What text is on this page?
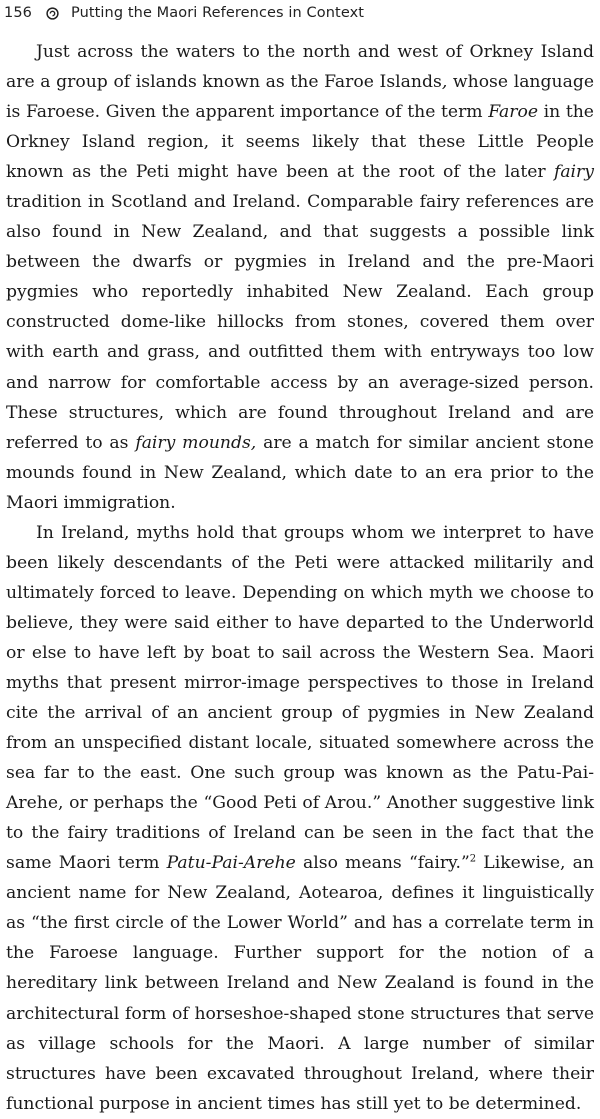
156	Putting the Maori References in Context

Just across the waters to the north and west of Orkney Island are a group of islands known as the Faroe Islands, whose language is Faroese. Given the apparent importance of the term Faroe in the Orkney Island region, it seems likely that these Little People known as the Peti might have been at the root of the later fairy tradition in Scotland and Ireland. Comparable fairy references are also found in New Zealand, and that suggests a possible link between the dwarfs or pygmies in Ireland and the pre-Maori pygmies who reportedly inhabited New Zealand. Each group constructed dome-like hillocks from stones, covered them over with earth and grass, and outfitted them with entryways too low and narrow for comfortable access by an average-sized person. These structures, which are found throughout Ireland and are referred to as fairy mounds, are a match for similar ancient stone mounds found in New Zealand, which date to an era prior to the Maori immigration.

In Ireland, myths hold that groups whom we interpret to have been likely descendants of the Peti were attacked militarily and ultimately forced to leave. Depending on which myth we choose to believe, they were said either to have departed to the Underworld or else to have left by boat to sail across the Western Sea. Maori myths that present mirror-image perspectives to those in Ireland cite the arrival of an ancient group of pygmies in New Zealand from an unspecified distant locale, situated somewhere across the sea far to the east. One such group was known as the Patu-Pai-Arehe, or perhaps the “Good Peti of Arou.” Another suggestive link to the fairy traditions of Ireland can be seen in the fact that the same Maori term Patu-Pai-Arehe also means “fairy.”$^2$ Likewise, an ancient name for New Zealand, Aotearoa, defines it linguistically as “the first circle of the Lower World” and has a correlate term in the Faroese language. Further support for the notion of a hereditary link between Ireland and New Zealand is found in the architectural form of horseshoe-shaped stone structures that serve as village schools for the Maori. A large number of similar structures have been excavated throughout Ireland, where their functional purpose in ancient times has still yet to be determined.
